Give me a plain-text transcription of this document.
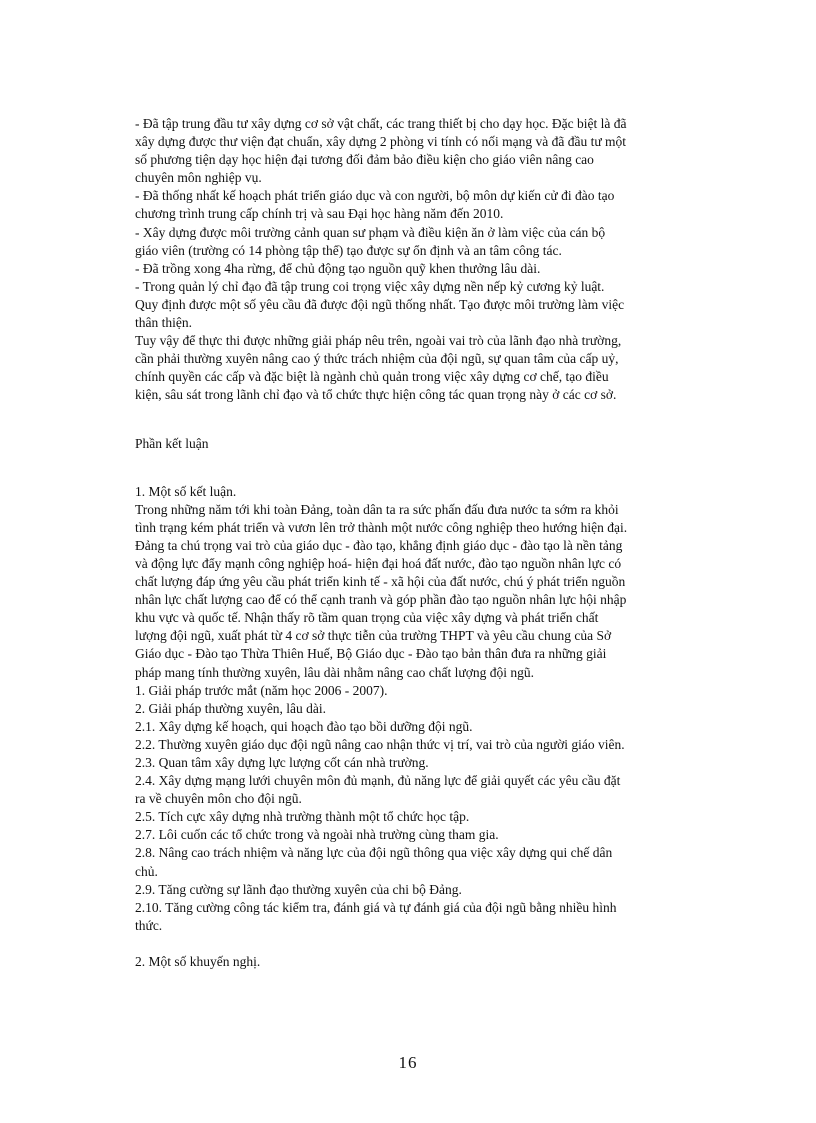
- Đã tập trung đầu tư xây dựng cơ sở vật chất, các trang thiết bị cho dạy học. Đặc biệt là đã
xây dựng được thư viện đạt chuẩn, xây dựng 2 phòng vi tính có nối mạng và đã đầu tư một
số phương tiện dạy học hiện đại tương đối đảm bảo điều kiện cho giáo viên nâng cao
chuyên môn nghiệp vụ.
- Đã thống nhất kế hoạch phát triển giáo dục và con người, bộ môn dự kiến cử đi đào tạo
chương trình trung cấp chính trị và sau Đại học hàng năm đến 2010.
- Xây dựng được môi trường cảnh quan sư phạm và điều kiện ăn ở làm việc của cán bộ
giáo viên (trường có 14 phòng tập thể) tạo được sự ổn định và an tâm công tác.
- Đã trồng xong 4ha rừng, để chủ động tạo nguồn quỹ khen thưởng lâu dài.
- Trong quản lý chỉ đạo đã tập trung coi trọng việc xây dựng nền nếp kỷ cương kỷ luật.
Quy định được một số yêu cầu đã được đội ngũ thống nhất. Tạo được môi trường làm việc
thân thiện.
Tuy vậy để thực thi được những giải pháp nêu trên, ngoài vai trò của lãnh đạo nhà trường,
cần phải thường xuyên nâng cao ý thức trách nhiệm của đội ngũ, sự quan tâm của cấp uỷ,
chính quyền các cấp và đặc biệt là ngành chủ quản trong việc xây dựng cơ chế, tạo điều
kiện, sâu sát trong lãnh chỉ đạo và tổ chức thực hiện công tác quan trọng này ở các cơ sở.
Phần kết luận
1. Một số kết luận.
Trong những năm tới khi toàn Đảng, toàn dân ta ra sức phấn đấu đưa nước ta sớm ra khỏi
tình trạng kém phát triển và vươn lên trở thành một nước công nghiệp theo hướng hiện đại.
Đảng ta chú trọng vai trò của giáo dục - đào tạo, khẳng định giáo dục - đào tạo là nền tảng
và động lực đẩy mạnh công nghiệp hoá- hiện đại hoá đất nước, đào tạo nguồn nhân lực có
chất lượng đáp ứng yêu cầu phát triển kinh tế - xã hội của đất nước, chú ý phát triển nguồn
nhân lực chất lượng cao để có thể cạnh tranh và góp phần đào tạo nguồn nhân lực hội nhập
khu vực và quốc tế. Nhận thấy rõ tầm quan trọng của việc xây dựng và phát triển chất
lượng đội ngũ, xuất phát từ 4 cơ sở thực tiễn của trường THPT và yêu cầu chung của Sở
Giáo dục - Đào tạo Thừa Thiên Huế, Bộ Giáo dục - Đào tạo bản thân đưa ra những giải
pháp mang tính thường xuyên, lâu dài nhằm nâng cao chất lượng đội ngũ.
1. Giải pháp trước mắt (năm học 2006 - 2007).
2. Giải pháp thường xuyên, lâu dài.
2.1. Xây dựng kế hoạch, qui hoạch đào tạo bồi dưỡng đội ngũ.
2.2. Thường xuyên giáo dục đội ngũ nâng cao nhận thức vị trí, vai trò của người giáo viên.
2.3. Quan tâm xây dựng lực lượng cốt cán nhà trường.
2.4. Xây dựng mạng lưới chuyên môn đủ mạnh, đủ năng lực để giải quyết các yêu cầu đặt
ra về chuyên môn cho đội ngũ.
2.5. Tích cực xây dựng nhà trường thành một tổ chức học tập.
2.7. Lôi cuốn các tổ chức trong và ngoài nhà trường cùng tham gia.
2.8. Nâng cao trách nhiệm và năng lực của đội ngũ thông qua việc xây dựng qui chế dân
chủ.
2.9. Tăng cường sự lãnh đạo thường xuyên của chi bộ Đảng.
2.10. Tăng cường công tác kiểm tra, đánh giá và tự đánh giá của đội ngũ bằng nhiều hình
thức.
2. Một số khuyến nghị.
16
